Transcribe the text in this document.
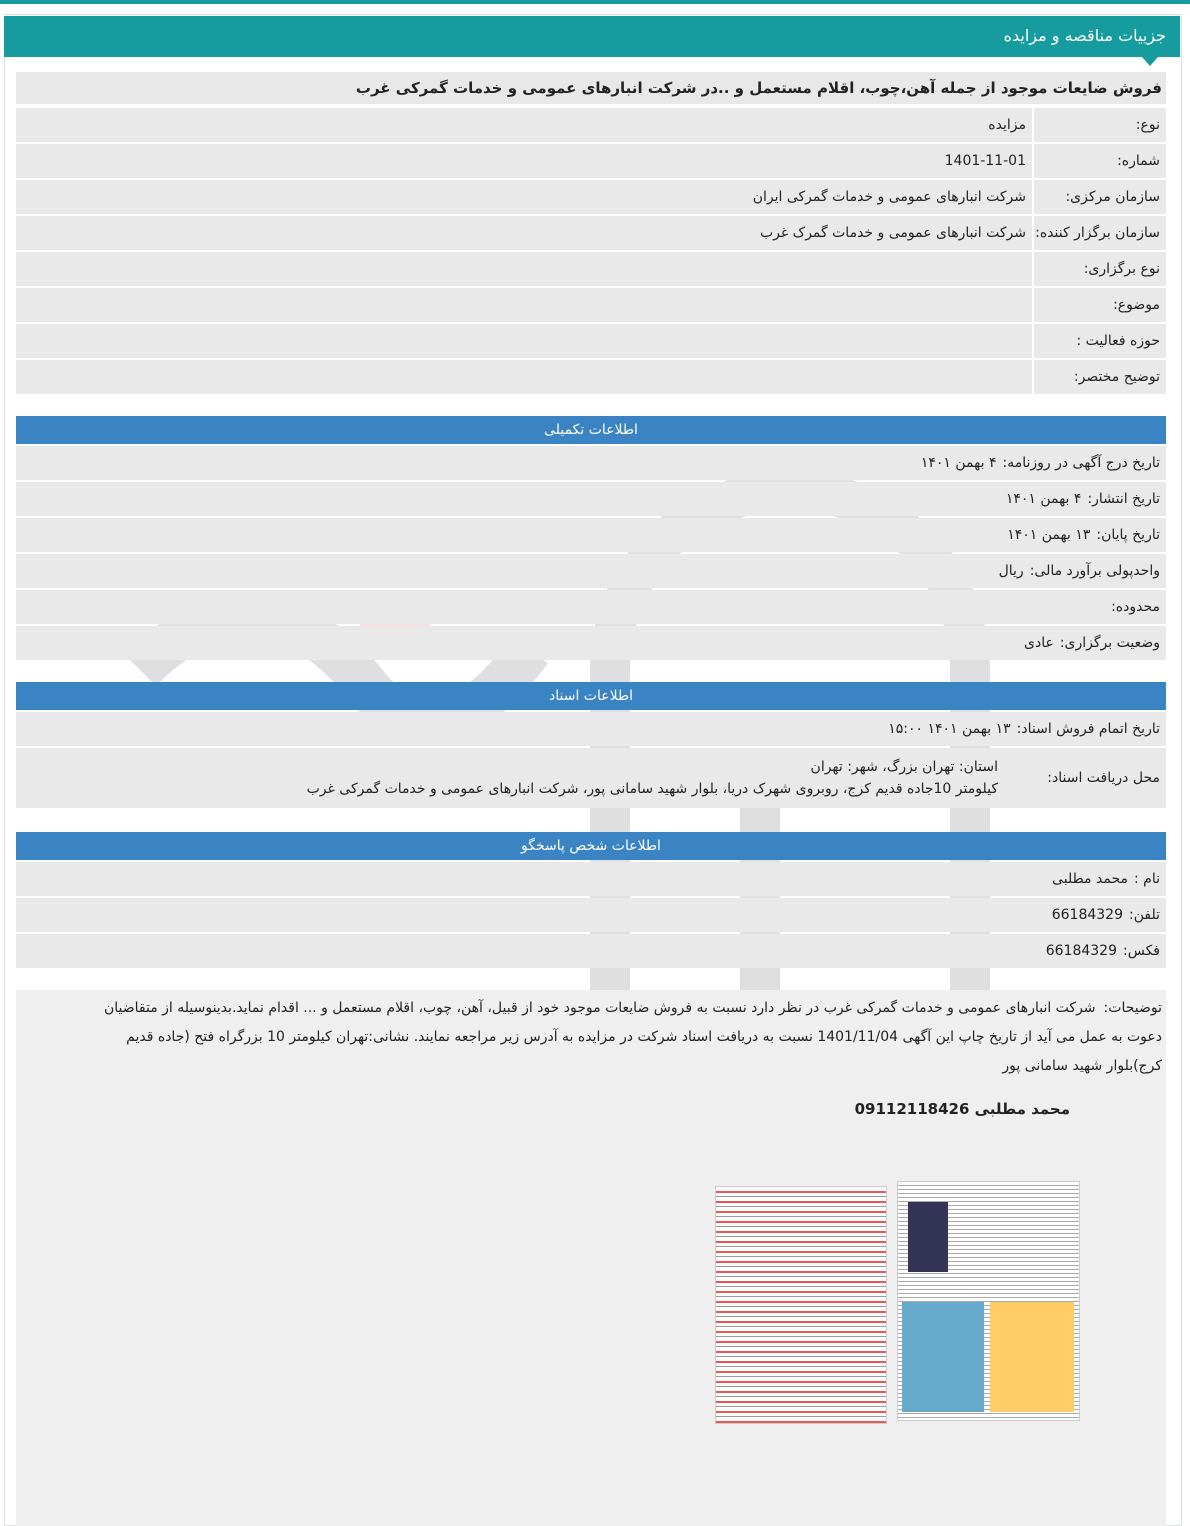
جزییات مناقصه و مزایده
فروش ضایعات موجود از جمله آهن،چوب، اقلام مستعمل و ..در شرکت انبارهای عمومی و خدمات گمرکی غرب
نوع:
مزایده
شماره:
1401-11-01
سازمان مرکزی:
شرکت انبارهای عمومی و خدمات گمرکی ایران
سازمان برگزار کننده:
شرکت انبارهای عمومی و خدمات گمرک غرب
نوع برگزاری:
موضوع:
حوزه فعالیت :
توضیح مختصر:
اطلاعات تکمیلی
تاریخ درج آگهی در روزنامه:
۴ بهمن ۱۴۰۱
تاریخ انتشار:
۴ بهمن ۱۴۰۱
تاریخ پایان:
۱۳ بهمن ۱۴۰۱
واحدپولی برآورد مالی:
ریال
محدوده:
وضعیت برگزاری:
عادی
اطلاعات اسناد
تاریخ اتمام فروش اسناد:
۱۳ بهمن ۱۴۰۱ ۱۵:۰۰
محل دریافت اسناد:
استان: تهران بزرگ، شهر: تهران
کیلومتر 10جاده قدیم کرج، روبروی شهرک دریا، بلوار شهید سامانی پور، شرکت انبارهای عمومی و خدمات گمرکی غرب
اطلاعات شخص پاسخگو
نام :
محمد مطلبی
تلفن:
66184329
فکس:
66184329
توضیحات:
شرکت انبارهای عمومی و خدمات گمرکی غرب در نظر دارد نسبت به فروش ضایعات موجود خود از قبیل، آهن، چوب، اقلام مستعمل و ... اقدام نماید.بدینوسیله از متقاضیان دعوت به عمل می آید از تاریخ چاپ این آگهی 1401/11/04 نسبت به دریافت اسناد شرکت در مزایده به آدرس زیر مراجعه نمایند. نشانی:تهران کیلومتر 10 بزرگراه فتح (جاده قدیم کرج)بلوار شهید سامانی پور
محمد مطلبی 09112118426
